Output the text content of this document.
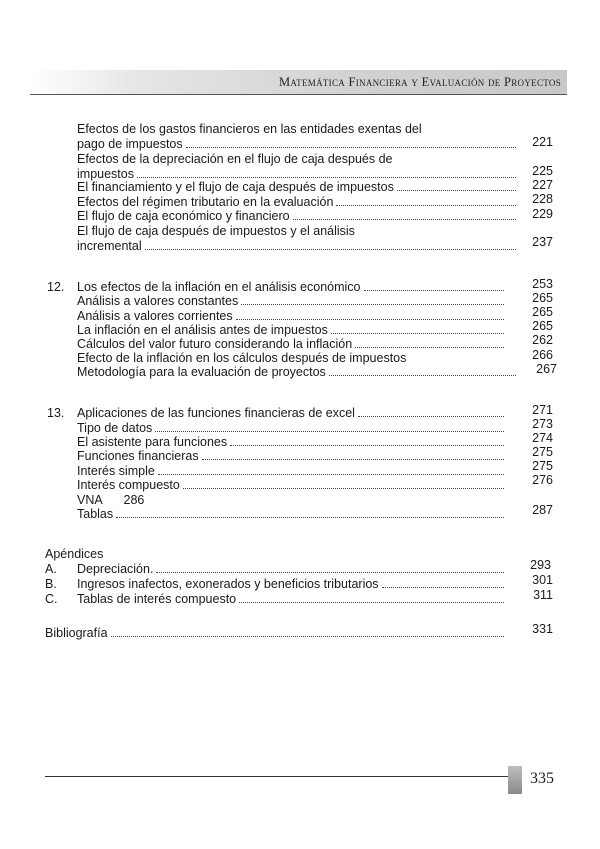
Matemática Financiera y Evaluación de Proyectos
Efectos de los gastos financieros en las entidades exentas del
pago de impuestos	221
Efectos de la depreciación en el flujo de caja después de
impuestos	225
El financiamiento y el flujo de caja después de impuestos	227
Efectos del régimen tributario en la evaluación	228
El flujo de caja económico y financiero	229
El flujo de caja después de impuestos y el análisis
incremental	237
12. Los efectos de la inflación en el análisis económico	253
Análisis a valores constantes	265
Análisis a valores corrientes	265
La inflación en el análisis antes de impuestos	265
Cálculos del valor futuro considerando la inflación	262
Efecto de la inflación en los cálculos después de impuestos	266
Metodología para la evaluación de proyectos	267
13. Aplicaciones de las funciones financieras de excel	271
Tipo de datos	273
El asistente para funciones	274
Funciones financieras	275
Interés simple	275
Interés compuesto	276
VNA 286
Tablas	287
Apéndices
A. Depreciación.	293
B. Ingresos inafectos, exonerados y beneficios tributarios	301
C. Tablas de interés compuesto	311
Bibliografía	331
335
